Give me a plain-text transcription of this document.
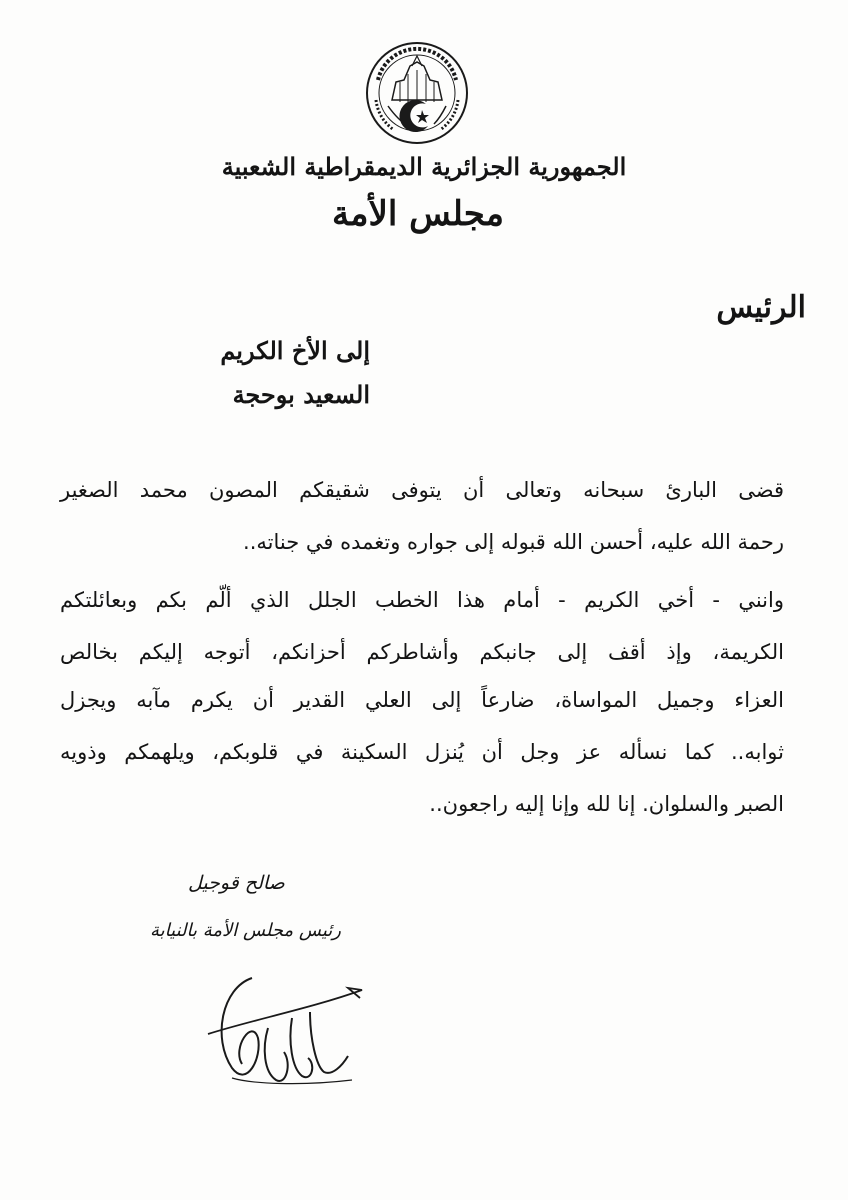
الجمهورية الجزائرية الديمقراطية الشعبية
مجلس الأمة
الرئيس
إلى الأخ الكريم
السعيد بوحجة
قضى البارئ سبحانه وتعالى أن يتوفى شقيقكم المصون محمد الصغير
رحمة الله عليه، أحسن الله قبوله إلى جواره وتغمده في جناته..
وانني - أخي الكريم - أمام هذا الخطب الجلل الذي ألّم بكم وبعائلتكم
الكريمة، وإذ أقف إلى جانبكم وأشاطركم أحزانكم، أتوجه إليكم بخالص
العزاء وجميل المواساة، ضارعاً إلى العلي القدير أن يكرم مآبه ويجزل
ثوابه.. كما نسأله عز وجل أن يُنزل السكينة في قلوبكم، ويلهمكم وذويه
الصبر والسلوان. إنا لله وإنا إليه راجعون..
صالح قوجيل
رئيس مجلس الأمة بالنيابة
